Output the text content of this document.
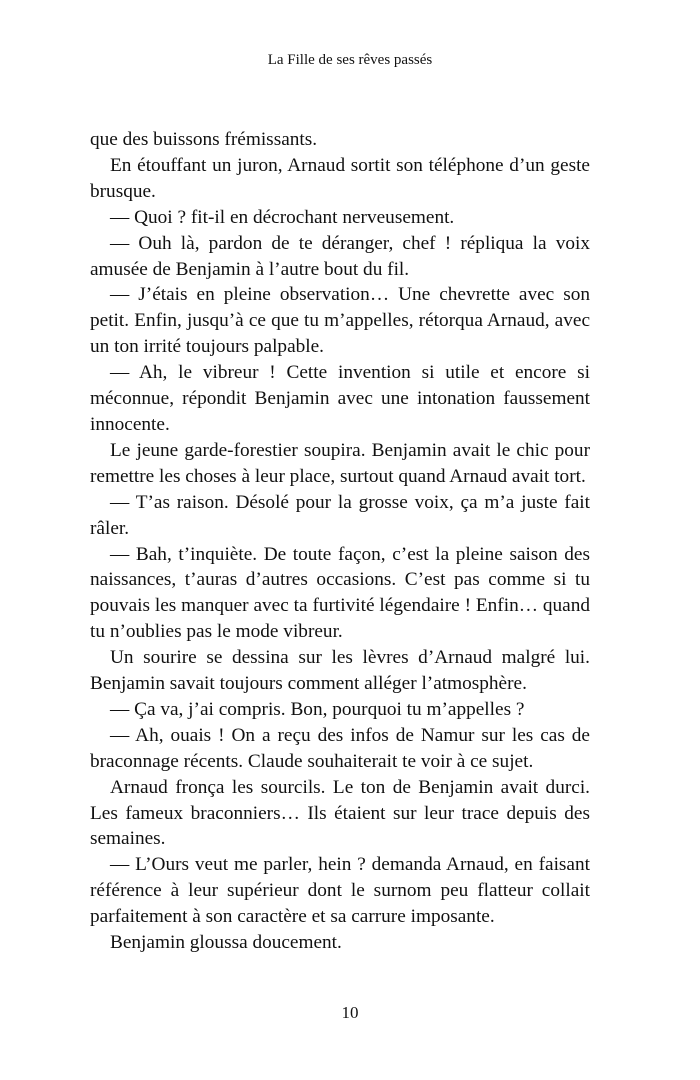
La Fille de ses rêves passés

que des buissons frémissants.

En étouffant un juron, Arnaud sortit son téléphone d’un geste brusque.

— Quoi ? fit-il en décrochant nerveusement.

— Ouh là, pardon de te déranger, chef ! répliqua la voix amusée de Benjamin à l’autre bout du fil.

— J’étais en pleine observation… Une chevrette avec son petit. Enfin, jusqu’à ce que tu m’appelles, rétorqua Arnaud, avec un ton irrité toujours palpable.

— Ah, le vibreur ! Cette invention si utile et encore si méconnue, répondit Benjamin avec une intonation faussement innocente.

Le jeune garde-forestier soupira. Benjamin avait le chic pour remettre les choses à leur place, surtout quand Arnaud avait tort.

— T’as raison. Désolé pour la grosse voix, ça m’a juste fait râler.

— Bah, t’inquiète. De toute façon, c’est la pleine saison des naissances, t’auras d’autres occasions. C’est pas comme si tu pouvais les manquer avec ta furtivité légendaire ! Enfin… quand tu n’oublies pas le mode vibreur.

Un sourire se dessina sur les lèvres d’Arnaud malgré lui. Benjamin savait toujours comment alléger l’atmosphère.

— Ça va, j’ai compris. Bon, pourquoi tu m’appelles ?

— Ah, ouais ! On a reçu des infos de Namur sur les cas de braconnage récents. Claude souhaiterait te voir à ce sujet.

Arnaud fronça les sourcils. Le ton de Benjamin avait durci. Les fameux braconniers… Ils étaient sur leur trace depuis des semaines.

— L’Ours veut me parler, hein ? demanda Arnaud, en faisant référence à leur supérieur dont le surnom peu flatteur collait parfaitement à son caractère et sa carrure imposante.

Benjamin gloussa doucement.

10
